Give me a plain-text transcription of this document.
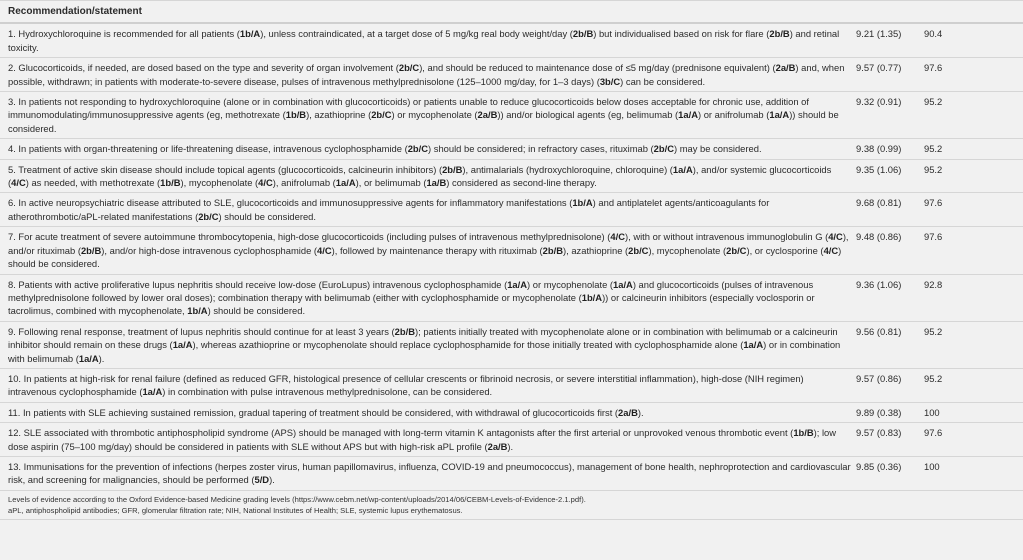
Recommendation/statement		
1. Hydroxychloroquine is recommended for all patients (1b/A), unless contraindicated, at a target dose of 5 mg/kg real body weight/day (2b/B) but individualised based on risk for flare (2b/B) and retinal toxicity.	9.21 (1.35)	90.4
2. Glucocorticoids, if needed, are dosed based on the type and severity of organ involvement (2b/C), and should be reduced to maintenance dose of ≤5 mg/day (prednisone equivalent) (2a/B) and, when possible, withdrawn; in patients with moderate-to-severe disease, pulses of intravenous methylprednisolone (125–1000 mg/day, for 1–3 days) (3b/C) can be considered.	9.57 (0.77)	97.6
3. In patients not responding to hydroxychloroquine (alone or in combination with glucocorticoids) or patients unable to reduce glucocorticoids below doses acceptable for chronic use, addition of immunomodulating/immunosuppressive agents (eg, methotrexate (1b/B), azathioprine (2b/C) or mycophenolate (2a/B)) and/or biological agents (eg, belimumab (1a/A) or anifrolumab (1a/A)) should be considered.	9.32 (0.91)	95.2
4. In patients with organ-threatening or life-threatening disease, intravenous cyclophosphamide (2b/C) should be considered; in refractory cases, rituximab (2b/C) may be considered.	9.38 (0.99)	95.2
5. Treatment of active skin disease should include topical agents (glucocorticoids, calcineurin inhibitors) (2b/B), antimalarials (hydroxychloroquine, chloroquine) (1a/A), and/or systemic glucocorticoids (4/C) as needed, with methotrexate (1b/B), mycophenolate (4/C), anifrolumab (1a/A), or belimumab (1a/B) considered as second-line therapy.	9.35 (1.06)	95.2
6. In active neuropsychiatric disease attributed to SLE, glucocorticoids and immunosuppressive agents for inflammatory manifestations (1b/A) and antiplatelet agents/anticoagulants for atherothrombotic/aPL-related manifestations (2b/C) should be considered.	9.68 (0.81)	97.6
7. For acute treatment of severe autoimmune thrombocytopenia, high-dose glucocorticoids (including pulses of intravenous methylprednisolone) (4/C), with or without intravenous immunoglobulin G (4/C), and/or rituximab (2b/B), and/or high-dose intravenous cyclophosphamide (4/C), followed by maintenance therapy with rituximab (2b/B), azathioprine (2b/C), mycophenolate (2b/C), or cyclosporine (4/C) should be considered.	9.48 (0.86)	97.6
8. Patients with active proliferative lupus nephritis should receive low-dose (EuroLupus) intravenous cyclophosphamide (1a/A) or mycophenolate (1a/A) and glucocorticoids (pulses of intravenous methylprednisolone followed by lower oral doses); combination therapy with belimumab (either with cyclophosphamide or mycophenolate (1b/A)) or calcineurin inhibitors (especially voclosporin or tacrolimus, combined with mycophenolate, 1b/A) should be considered.	9.36 (1.06)	92.8
9. Following renal response, treatment of lupus nephritis should continue for at least 3 years (2b/B); patients initially treated with mycophenolate alone or in combination with belimumab or a calcineurin inhibitor should remain on these drugs (1a/A), whereas azathioprine or mycophenolate should replace cyclophosphamide for those initially treated with cyclophosphamide alone (1a/A) or in combination with belimumab (1a/A).	9.56 (0.81)	95.2
10. In patients at high-risk for renal failure (defined as reduced GFR, histological presence of cellular crescents or fibrinoid necrosis, or severe interstitial inflammation), high-dose (NIH regimen) intravenous cyclophosphamide (1a/A) in combination with pulse intravenous methylprednisolone, can be considered.	9.57 (0.86)	95.2
11. In patients with SLE achieving sustained remission, gradual tapering of treatment should be considered, with withdrawal of glucocorticoids first (2a/B).	9.89 (0.38)	100
12. SLE associated with thrombotic antiphospholipid syndrome (APS) should be managed with long-term vitamin K antagonists after the first arterial or unprovoked venous thrombotic event (1b/B); low dose aspirin (75–100 mg/day) should be considered in patients with SLE without APS but with high-risk aPL profile (2a/B).	9.57 (0.83)	97.6
13. Immunisations for the prevention of infections (herpes zoster virus, human papillomavirus, influenza, COVID-19 and pneumococcus), management of bone health, nephroprotection and cardiovascular risk, and screening for malignancies, should be performed (5/D).	9.85 (0.36)	100
Levels of evidence according to the Oxford Evidence-based Medicine grading levels (https://www.cebm.net/wp-content/uploads/2014/06/CEBM-Levels-of-Evidence-2.1.pdf).
aPL, antiphospholipid antibodies; GFR, glomerular filtration rate; NIH, National Institutes of Health; SLE, systemic lupus erythematosus.
